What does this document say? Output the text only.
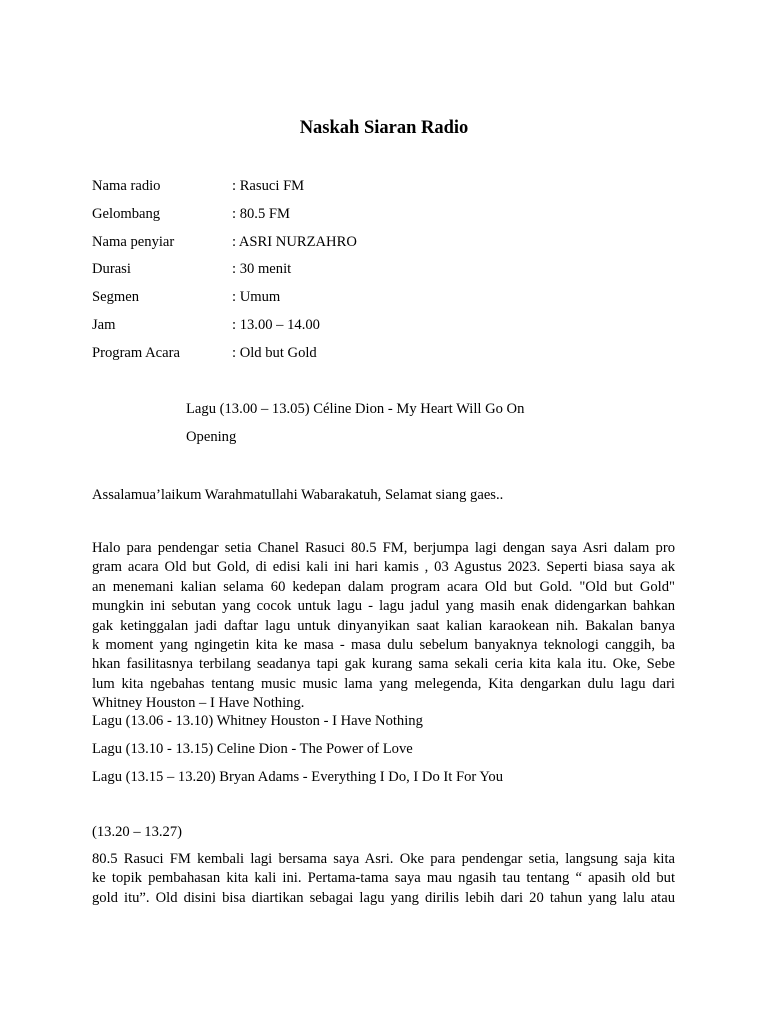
Naskah Siaran Radio
Nama radio	: Rasuci FM
Gelombang	: 80.5 FM
Nama penyiar	: ASRI NURZAHRO
Durasi	: 30 menit
Segmen	: Umum
Jam	: 13.00 – 14.00
Program Acara	: Old but Gold
Lagu (13.00 – 13.05) Céline Dion - My Heart Will Go On
Opening
Assalamua’laikum Warahmatullahi Wabarakatuh, Selamat siang gaes..
Halo para pendengar setia Chanel Rasuci 80.5 FM, berjumpa lagi dengan saya Asri dalam pro
gram acara Old but Gold, di edisi kali ini hari kamis , 03 Agustus 2023. Seperti biasa saya ak
an menemani kalian selama 60 kedepan dalam program acara Old but Gold. "Old but Gold"
mungkin ini sebutan yang cocok untuk lagu - lagu jadul yang masih enak didengarkan bahkan
gak ketinggalan jadi daftar lagu untuk dinyanyikan saat kalian karaokean nih. Bakalan banya
k moment yang ngingetin kita ke masa - masa dulu sebelum banyaknya teknologi canggih, ba
hkan fasilitasnya terbilang seadanya tapi gak kurang sama sekali ceria kita kala itu. Oke, Sebe
lum kita ngebahas tentang music music lama yang melegenda, Kita dengarkan dulu lagu dari
Whitney Houston – I Have Nothing.
Lagu (13.06 - 13.10) Whitney Houston - I Have Nothing
Lagu (13.10 - 13.15) Celine Dion - The Power of Love
Lagu (13.15 – 13.20) Bryan Adams - Everything I Do, I Do It For You
(13.20 – 13.27)
80.5 Rasuci FM kembali lagi bersama saya Asri. Oke para pendengar setia, langsung saja kita
ke topik pembahasan kita kali ini. Pertama-tama saya mau ngasih tau tentang “ apasih old but
gold itu”. Old disini bisa diartikan sebagai lagu yang dirilis lebih dari 20 tahun yang lalu atau
